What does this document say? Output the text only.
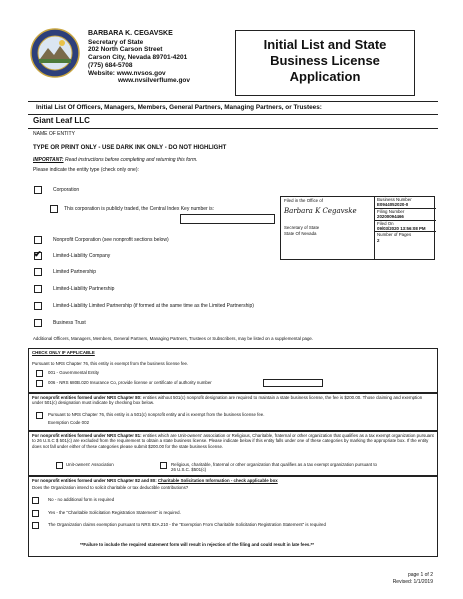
BARBARA K. CEGAVSKE
Secretary of State
202 North Carson Street
Carson City, Nevada 89701-4201
(775) 684-5708
Website: www.nvsos.gov
www.nvsilverflume.gov
Initial List and State
Business License
Application
Initial List Of Officers, Managers, Members, General Partners, Managing Partners, or Trustees:
Giant Leaf LLC
NAME OF ENTITY
TYPE OR PRINT ONLY - USE DARK INK ONLY - DO NOT HIGHLIGHT
IMPORTANT: Read instructions before completing and returning this form.
Please indicate the entity type (check only one):
Corporation
This corporation is publicly traded, the Central Index Key number is:
Nonprofit Corporation (see nonprofit sections below)
✔ Limited-Liability Company
Limited Partnership
Limited-Liability Partnership
Limited-Liability Limited Partnership (if formed at the same time as the Limited Partnership)
Business Trust
Filed in the Office of
Barbara K Cegavske
Secretary of State
State Of Nevada
Business Number
E0944052020-0
Filing Number
20200094466
Filed On
09/03/2020 13:56:08 PM
Number of Pages
2
Additional Officers, Managers, Members, General Partners, Managing Partners, Trustees or Subscribers, may be listed on a supplemental page.
CHECK ONLY IF APPLICABLE
Pursuant to NRS Chapter 76, this entity is exempt from the business license fee.
001 - Governmental Entity
006 - NRS 680B.020 Insurance Co, provide license or certificate of authority number
For nonprofit entities formed under NRS Chapter 80: entities without 501(c) nonprofit designation are required to maintain a state business license, the fee is $200.00. Those claiming and exemption under 501(c) designation must indicate by checking box below.
Pursuant to NRS Chapter 76, this entity is a 501(c) nonprofit entity and is exempt from the business license fee.
Exemption Code 002
For nonprofit entities formed under NRS Chapter 81: entities which are Unit-owners' association or Religious, Charitable, fraternal or other organization that qualifies as a tax exempt organization pursuant to 26 U.S.C $ 501(c) are excluded from the requirement to obtain a state business license. Please indicate below if this entity falls under one of these categories by marking the appropriate box. If the entity does not fall under either of these categories please submit $200.00 for the state business license.
Unit-owners' Association	Religious, charitable, fraternal or other organization that qualifies as a tax exempt organization pursuant to 26 U.S.C. $501(c)
For nonprofit entities formed under NRS Chapter 82 and 80: Charitable Solicitation Information - check applicable box
Does the Organization intend to solicit charitable or tax deductible contributions?
No - no additional form is required
Yes - the "Charitable Solicitation Registration Statement" is required.
The Organization claims exemption pursuant to NRS 82A.210 - the "Exemption From Charitable Solicitation Registration Statement" is required
**Failure to include the required statement form will result in rejection of the filing and could result in late fees.**
page 1 of 2
Revised: 1/1/2019
